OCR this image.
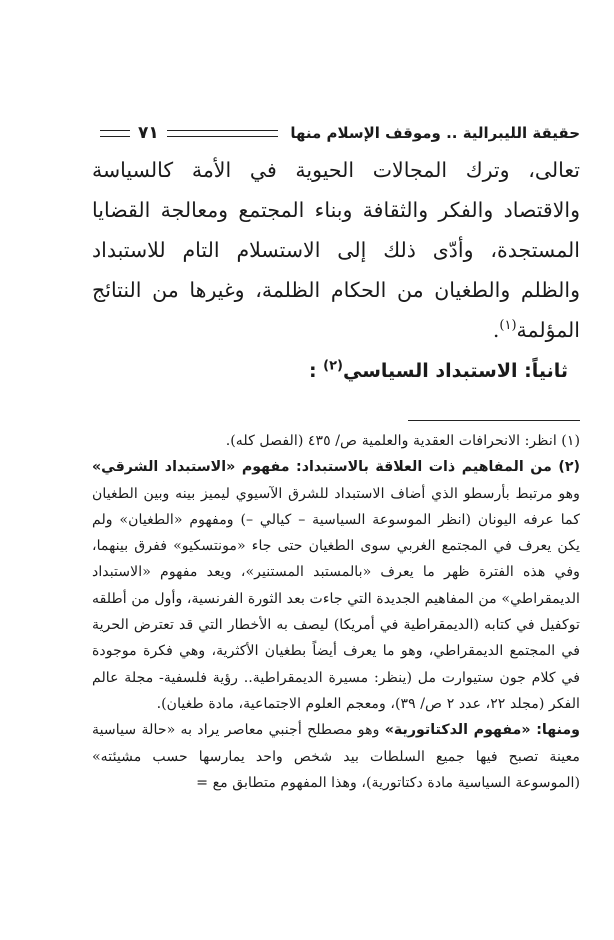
حقيقة الليبرالية .. وموقف الإسلام منها
٧١

تعالى، وترك المجالات الحيوية في الأمة كالسياسة والاقتصاد والفكر والثقافة وبناء المجتمع ومعالجة القضايا المستجدة، وأدّى ذلك إلى الاستسلام التام للاستبداد والظلم والطغيان من الحكام الظلمة، وغيرها من النتائج المؤلمة$^{(١)}$.

ثانياً: الاستبداد السياسي$^{(٢)}$ :

(١) انظر: الانحرافات العقدية والعلمية ص/ ٤٣٥ (الفصل كله).

(٢) من المفاهيم ذات العلاقة بالاستبداد: مفهوم «الاستبداد الشرقي» وهو مرتبط بأرسطو الذي أضاف الاستبداد للشرق الآسيوي ليميز بينه وبين الطغيان كما عرفه اليونان (انظر الموسوعة السياسية – كيالي –) ومفهوم «الطغيان» ولم يكن يعرف في المجتمع الغربي سوى الطغيان حتى جاء «مونتسكيو» ففرق بينهما، وفي هذه الفترة ظهر ما يعرف «بالمستبد المستنير»، ويعد مفهوم «الاستبداد الديمقراطي» من المفاهيم الجديدة التي جاءت بعد الثورة الفرنسية، وأول من أطلقه توكفيل في كتابه (الديمقراطية في أمريكا) ليصف به الأخطار التي قد تعترض الحرية في المجتمع الديمقراطي، وهو ما يعرف أيضاً بطغيان الأكثرية، وهي فكرة موجودة في كلام جون ستيوارت مل (ينظر: مسيرة الديمقراطية.. رؤية فلسفية- مجلة عالم الفكر (مجلد ٢٢، عدد ٢ ص/ ٣٩)، ومعجم العلوم الاجتماعية، مادة طغيان).

ومنها: «مفهوم الدكتاتورية» وهو مصطلح أجنبي معاصر يراد به «حالة سياسية معينة تصبح فيها جميع السلطات بيد شخص واحد يمارسها حسب مشيئته» (الموسوعة السياسية مادة دكتاتورية)، وهذا المفهوم متطابق مع =
